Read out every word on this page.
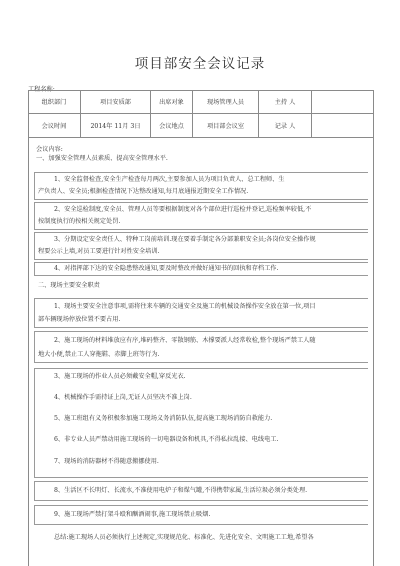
项目部安全会议记录
工程名称:
组织部门	项目安质部	出席对象	现场管理人员	主持 人
会议时间	2014年 11月 3日	会议地点	项目部会议室	记录 人
会议内容:
一、加强安全管理人员素质、提高安全管理水平.
1、安全监督检查,安全生产检查每月两次,主要参加人员为项目负责人、总工程师、生
产负责人、安全员;根据检查情况下达整改通知,每月底通报近期安全工作情况.
2、安全巡检制度,安全员、管理人员等要根据制度对各个部位进行巡检并登记,巡检频率较低,不
按制度执行的按相关规定处罚.
3、分期设定安全责任人、特种工岗前培训.现在要着手制定各分部兼职安全员;各岗位安全操作规
程要公示上墙,对员工要进行针对性安全培训.
4、对指挥部下达的安全隐患整改通知,要及时整改并做好通知书的回执和存档工作.
二、现场主要安全职责
1、现场主要安全注意事项,需将往来车辆的交通安全及施工的机械设备操作安全放在第一位,项目
部车辆现场停放位置不要占用.
2、施工现场的材料堆放应有序,堆码整齐、零散钢筋、木撑要派人经常收检,整个现场严禁工人随
地大小便,禁止工人穿拖鞋、赤脚上班等行为.
3、施工现场的作业人员必须戴安全帽,穿反光衣.
4、机械操作手需持证上岗,无证人员坚决不准上岗.
5、施工班组有义务积极参加施工现场义务消防队伍,提高施工现场消防自救能力.
6、非专业人员严禁动用施工现场的一切电器设备和机具,不得私拉乱接、电线电工.
7、现场的消防器材不得随意搬挪使用.
8、生活区不长明灯、长流水,不准使用电炉子和煤气罐,不得携带家属,生活垃圾必须分类处理.
9、施工现场严禁打架斗殴和酗酒闹事,施工现场禁止吸烟.
总结:施工现场人员必须执行上述规定,实现规范化、标准化、先进化安全、文明施工工地,希望各
